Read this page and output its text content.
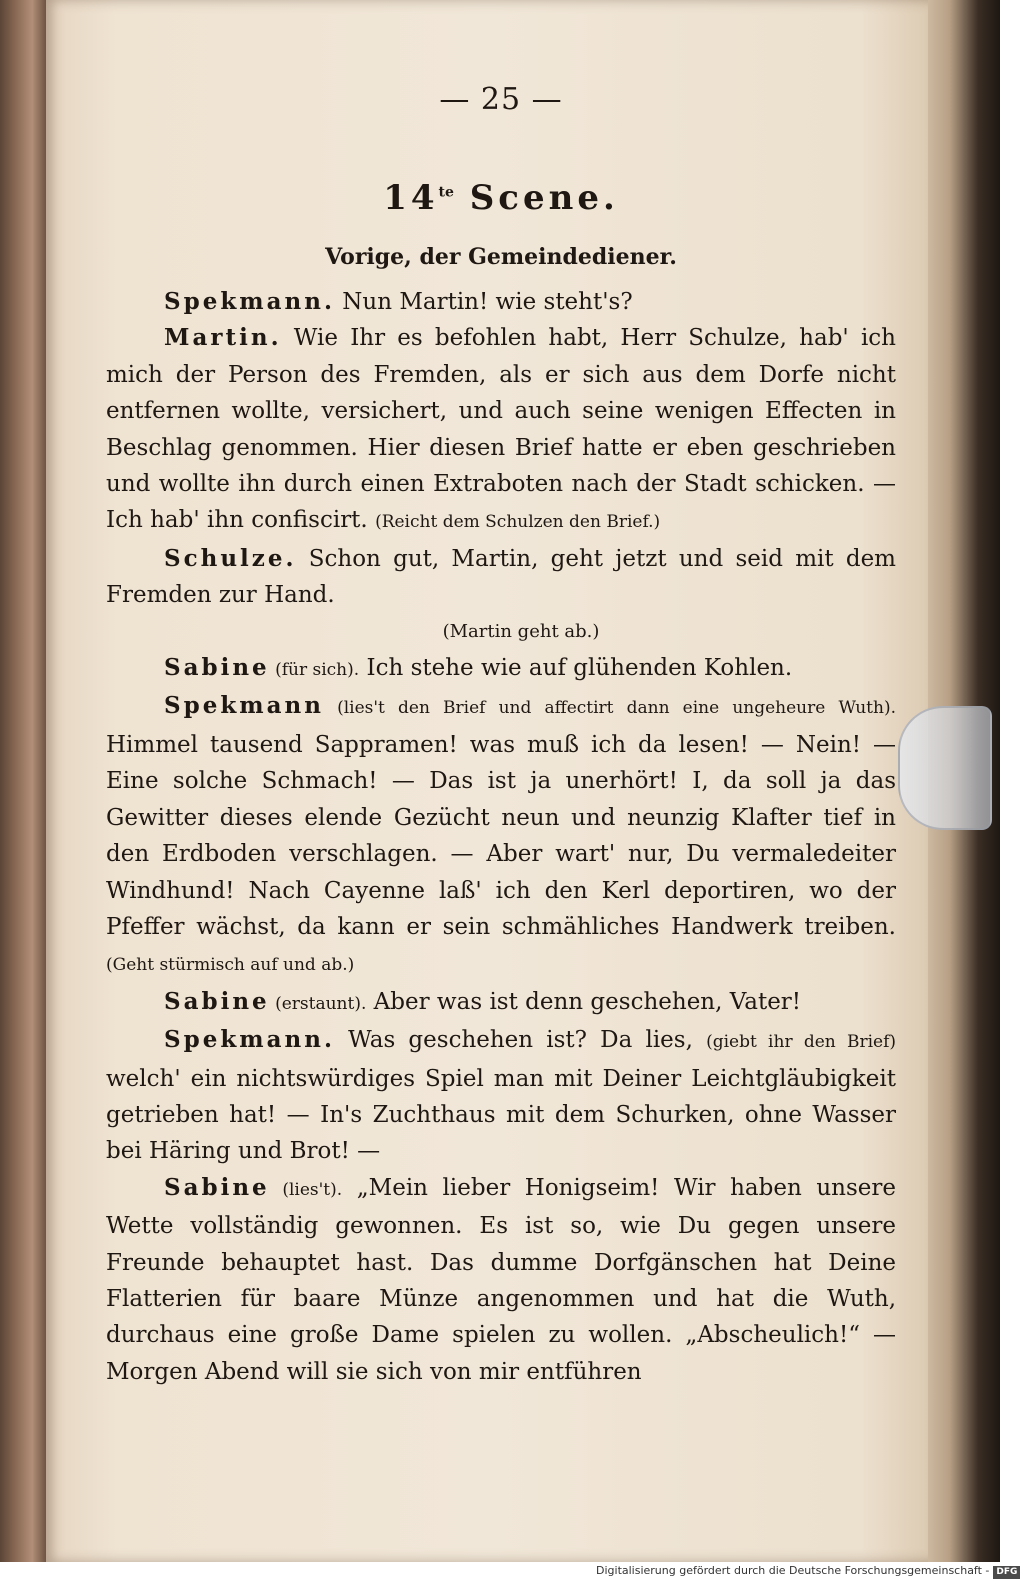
— 25 —
$14^{te}$ Scene.
Vorige, der Gemeindediener.

Spekmann. Nun Martin! wie steht's?

Martin. Wie Ihr es befohlen habt, Herr Schulze, hab' ich mich der Person des Fremden, als er sich aus dem Dorfe nicht entfernen wollte, versichert, und auch seine wenigen Effecten in Beschlag genommen. Hier diesen Brief hatte er eben geschrieben und wollte ihn durch einen Extraboten nach der Stadt schicken. — Ich hab' ihn confiscirt. (Reicht dem Schulzen den Brief.)

Schulze. Schon gut, Martin, geht jetzt und seid mit dem Fremden zur Hand.

(Martin geht ab.)

Sabine (für sich). Ich stehe wie auf glühenden Kohlen.

Spekmann (lies't den Brief und affectirt dann eine ungeheure Wuth). Himmel tausend Sappramen! was muß ich da lesen! — Nein! — Eine solche Schmach! — Das ist ja unerhört! I, da soll ja das Gewitter dieses elende Gezücht neun und neunzig Klafter tief in den Erdboden verschlagen. — Aber wart' nur, Du vermaledeiter Windhund! Nach Cayenne laß' ich den Kerl deportiren, wo der Pfeffer wächst, da kann er sein schmähliches Handwerk treiben. (Geht stürmisch auf und ab.)

Sabine (erstaunt). Aber was ist denn geschehen, Vater!

Spekmann. Was geschehen ist? Da lies, (giebt ihr den Brief) welch' ein nichtswürdiges Spiel man mit Deiner Leichtgläubigkeit getrieben hat! — In's Zuchthaus mit dem Schurken, ohne Wasser bei Häring und Brot! —

Sabine (lies't). „Mein lieber Honigseim! Wir haben unsere Wette vollständig gewonnen. Es ist so, wie Du gegen unsere Freunde behauptet hast. Das dumme Dorfgänschen hat Deine Flatterien für baare Münze angenommen und hat die Wuth, durchaus eine große Dame spielen zu wollen. „Abscheulich!“ — Morgen Abend will sie sich von mir entführen

Digitalisierung gefördert durch die Deutsche Forschungsgemeinschaft - DFG
